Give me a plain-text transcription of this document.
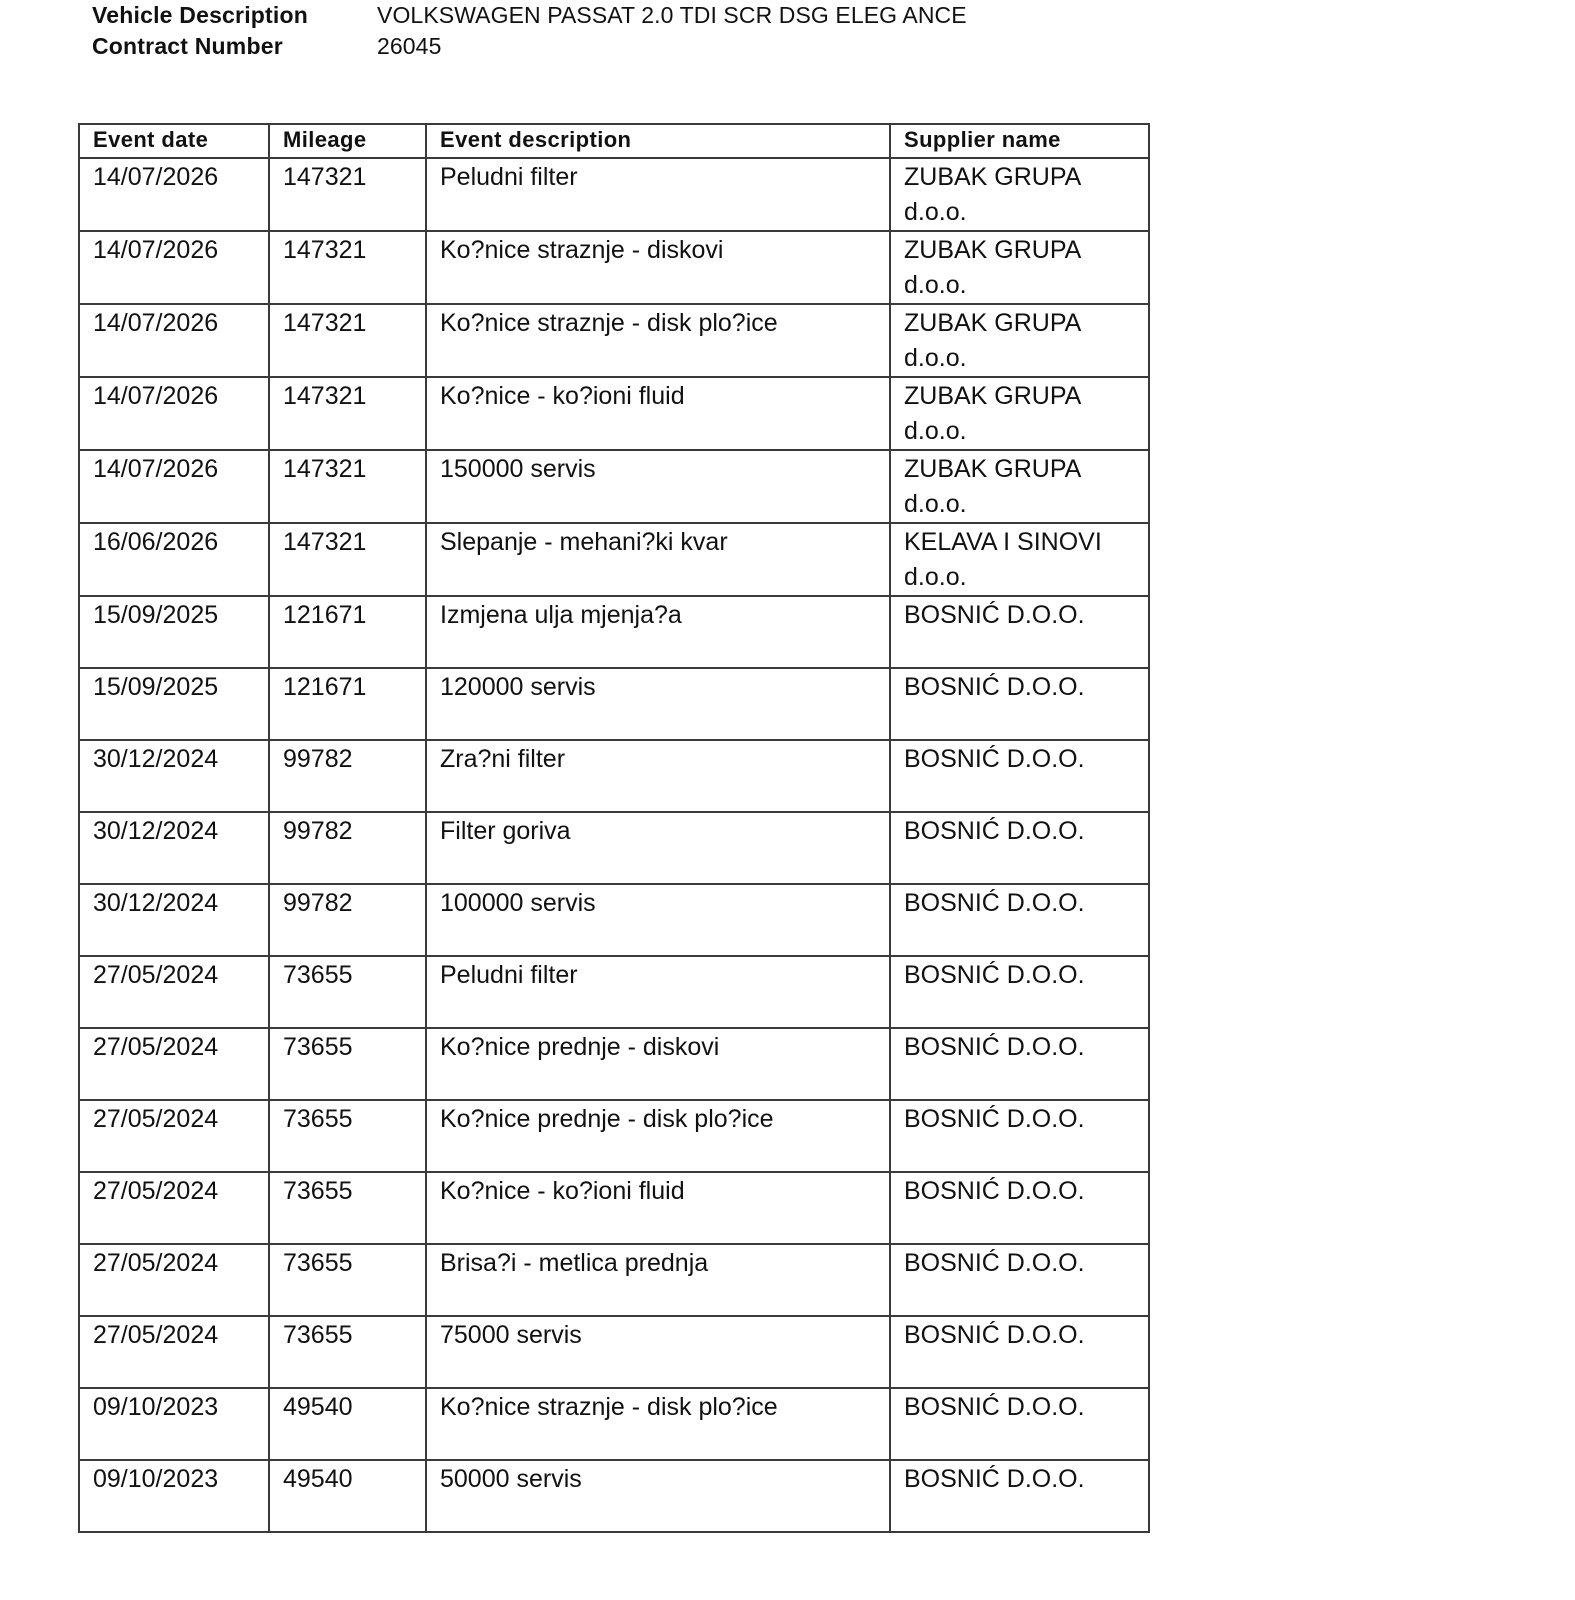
Vehicle Description	VOLKSWAGEN PASSAT 2.0 TDI SCR DSG ELEG ANCE
Contract Number	26045
Event date	Mileage	Event description	Supplier name
14/07/2026	147321	Peludni filter	ZUBAK GRUPA d.o.o.
14/07/2026	147321	Ko?nice straznje - diskovi	ZUBAK GRUPA d.o.o.
14/07/2026	147321	Ko?nice straznje - disk plo?ice	ZUBAK GRUPA d.o.o.
14/07/2026	147321	Ko?nice - ko?ioni fluid	ZUBAK GRUPA d.o.o.
14/07/2026	147321	150000 servis	ZUBAK GRUPA d.o.o.
16/06/2026	147321	Slepanje - mehani?ki kvar	KELAVA I SINOVI d.o.o.
15/09/2025	121671	Izmjena ulja mjenja?a	BOSNIĆ D.O.O.
15/09/2025	121671	120000 servis	BOSNIĆ D.O.O.
30/12/2024	99782	Zra?ni filter	BOSNIĆ D.O.O.
30/12/2024	99782	Filter goriva	BOSNIĆ D.O.O.
30/12/2024	99782	100000 servis	BOSNIĆ D.O.O.
27/05/2024	73655	Peludni filter	BOSNIĆ D.O.O.
27/05/2024	73655	Ko?nice prednje - diskovi	BOSNIĆ D.O.O.
27/05/2024	73655	Ko?nice prednje - disk plo?ice	BOSNIĆ D.O.O.
27/05/2024	73655	Ko?nice - ko?ioni fluid	BOSNIĆ D.O.O.
27/05/2024	73655	Brisa?i - metlica prednja	BOSNIĆ D.O.O.
27/05/2024	73655	75000 servis	BOSNIĆ D.O.O.
09/10/2023	49540	Ko?nice straznje - disk plo?ice	BOSNIĆ D.O.O.
09/10/2023	49540	50000 servis	BOSNIĆ D.O.O.
